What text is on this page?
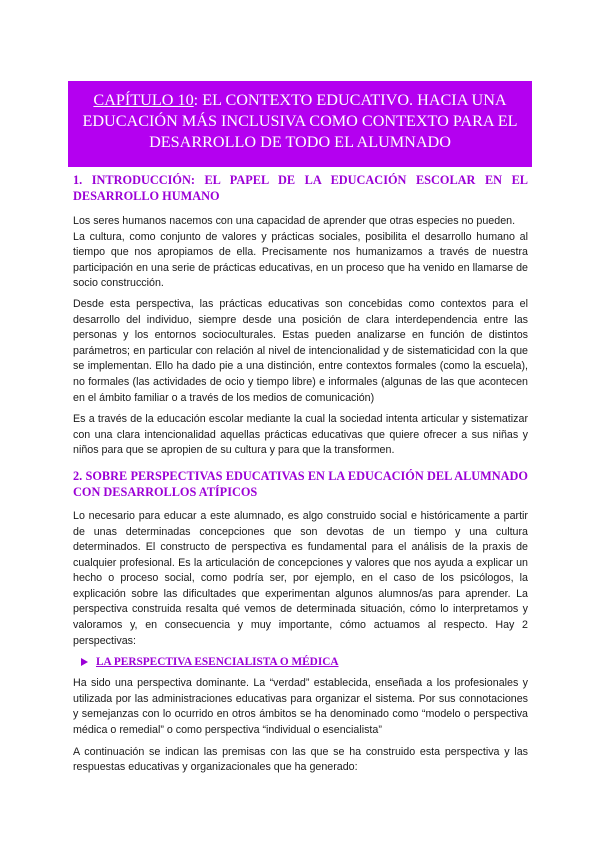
CAPÍTULO 10: EL CONTEXTO EDUCATIVO. HACIA UNA EDUCACIÓN MÁS INCLUSIVA COMO CONTEXTO PARA EL DESARROLLO DE TODO EL ALUMNADO
1. INTRODUCCIÓN: EL PAPEL DE LA EDUCACIÓN ESCOLAR EN EL DESARROLLO HUMANO

Los seres humanos nacemos con una capacidad de aprender que otras especies no pueden.

La cultura, como conjunto de valores y prácticas sociales, posibilita el desarrollo humano al tiempo que nos apropiamos de ella. Precisamente nos humanizamos a través de nuestra participación en una serie de prácticas educativas, en un proceso que ha venido en llamarse de socio construcción.

Desde esta perspectiva, las prácticas educativas son concebidas como contextos para el desarrollo del individuo, siempre desde una posición de clara interdependencia entre las personas y los entornos socioculturales. Estas pueden analizarse en función de distintos parámetros; en particular con relación al nivel de intencionalidad y de sistematicidad con la que se implementan. Ello ha dado pie a una distinción, entre contextos formales (como la escuela), no formales (las actividades de ocio y tiempo libre) e informales (algunas de las que acontecen en el ámbito familiar o a través de los medios de comunicación)

Es a través de la educación escolar mediante la cual la sociedad intenta articular y sistematizar con una clara intencionalidad aquellas prácticas educativas que quiere ofrecer a sus niñas y niños para que se apropien de su cultura y para que la transformen.

2. SOBRE PERSPECTIVAS EDUCATIVAS EN LA EDUCACIÓN DEL ALUMNADO CON DESARROLLOS ATÍPICOS

Lo necesario para educar a este alumnado, es algo construido social e históricamente a partir de unas determinadas concepciones que son devotas de un tiempo y una cultura determinados. El constructo de perspectiva es fundamental para el análisis de la praxis de cualquier profesional. Es la articulación de concepciones y valores que nos ayuda a explicar un hecho o proceso social, como podría ser, por ejemplo, en el caso de los psicólogos, la explicación sobre las dificultades que experimentan algunos alumnos/as para aprender. La perspectiva construida resalta qué vemos de determinada situación, cómo lo interpretamos y valoramos y, en consecuencia y muy importante, cómo actuamos al respecto. Hay 2 perspectivas:

LA PERSPECTIVA ESENCIALISTA O MÉDICA

Ha sido una perspectiva dominante. La “verdad” establecida, enseñada a los profesionales y utilizada por las administraciones educativas para organizar el sistema. Por sus connotaciones y semejanzas con lo ocurrido en otros ámbitos se ha denominado como “modelo o perspectiva médica o remedial” o como perspectiva “individual o esencialista”

A continuación se indican las premisas con las que se ha construido esta perspectiva y las respuestas educativas y organizacionales que ha generado:
